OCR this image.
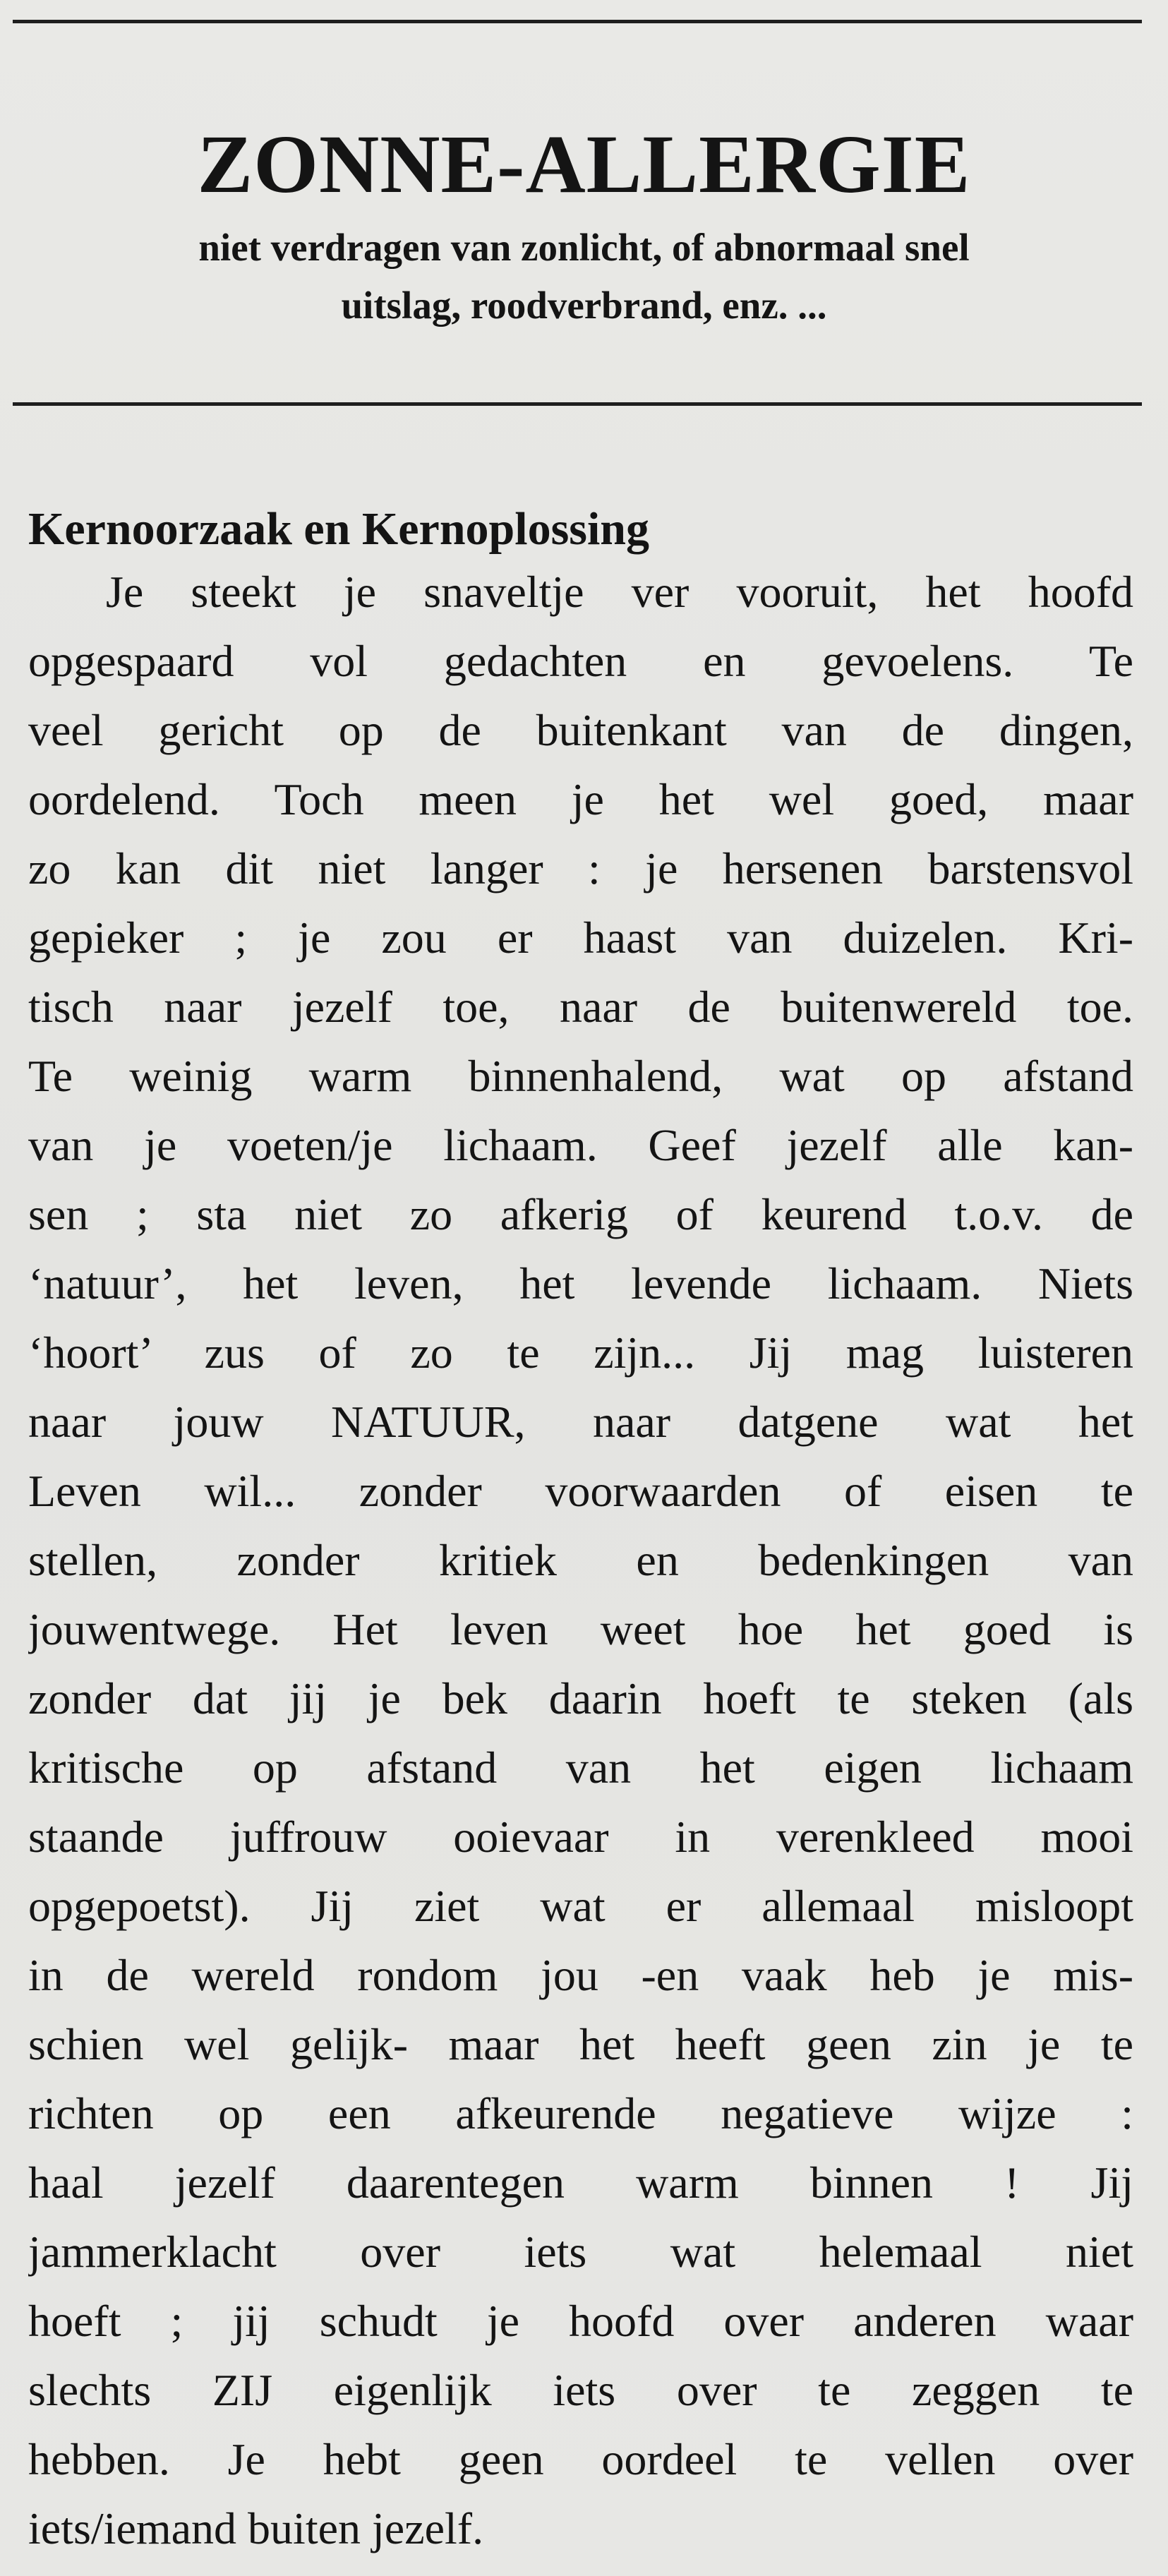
ZONNE-ALLERGIE
niet verdragen van zonlicht, of abnormaal snel
uitslag, roodverbrand, enz. ...
Kernoorzaak en Kernoplossing
Je steekt je snaveltje ver vooruit, het hoofd
opgespaard vol gedachten en gevoelens. Te
veel gericht op de buitenkant van de dingen,
oordelend. Toch meen je het wel goed, maar
zo kan dit niet langer : je hersenen barstensvol
gepieker ; je zou er haast van duizelen. Kri-
tisch naar jezelf toe, naar de buitenwereld toe.
Te weinig warm binnenhalend, wat op afstand
van je voeten/je lichaam. Geef jezelf alle kan-
sen ; sta niet zo afkerig of keurend t.o.v. de
‘natuur’, het leven, het levende lichaam. Niets
‘hoort’ zus of zo te zijn... Jij mag luisteren
naar jouw NATUUR, naar datgene wat het
Leven wil... zonder voorwaarden of eisen te
stellen, zonder kritiek en bedenkingen van
jouwentwege. Het leven weet hoe het goed is
zonder dat jij je bek daarin hoeft te steken (als
kritische op afstand van het eigen lichaam
staande juffrouw ooievaar in verenkleed mooi
opgepoetst). Jij ziet wat er allemaal misloopt
in de wereld rondom jou -en vaak heb je mis-
schien wel gelijk- maar het heeft geen zin je te
richten op een afkeurende negatieve wijze :
haal jezelf daarentegen warm binnen ! Jij
jammerklacht over iets wat helemaal niet
hoeft ; jij schudt je hoofd over anderen waar
slechts ZIJ eigenlijk iets over te zeggen te
hebben. Je hebt geen oordeel te vellen over
iets/iemand buiten jezelf.
